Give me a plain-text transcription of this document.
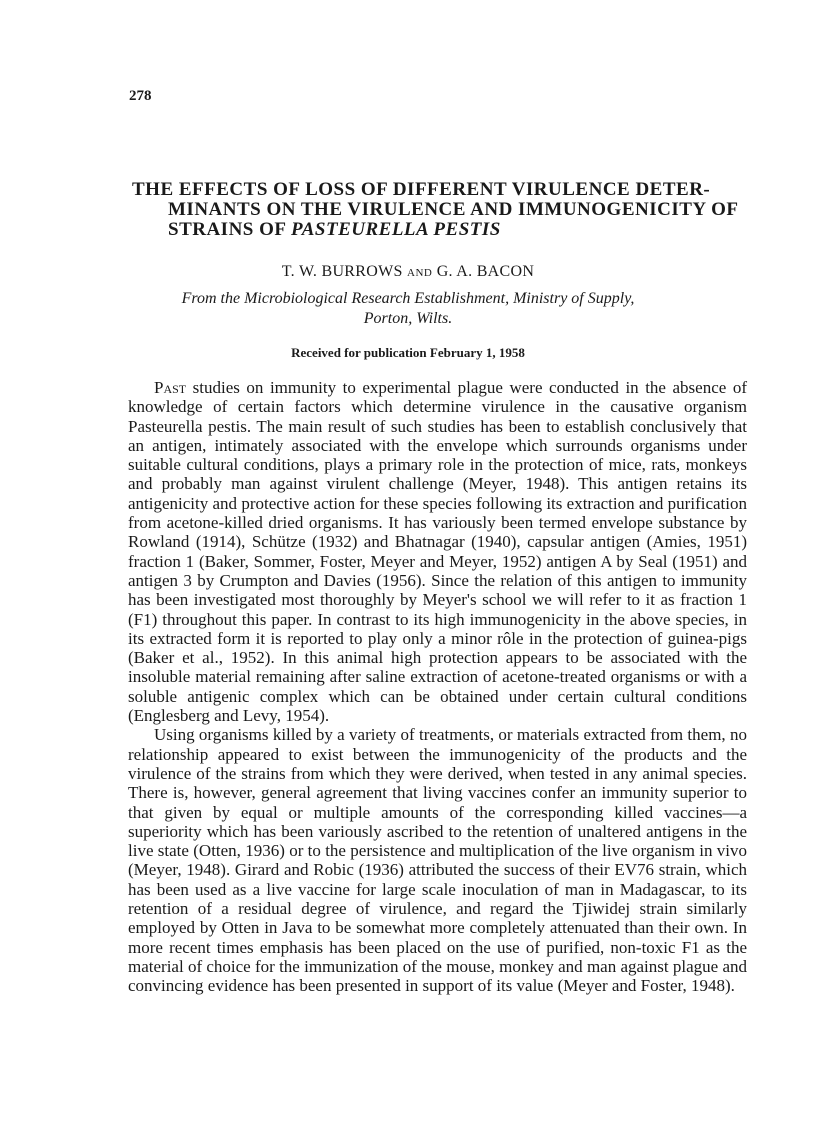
278
THE EFFECTS OF LOSS OF DIFFERENT VIRULENCE DETER-
MINANTS ON THE VIRULENCE AND IMMUNOGENICITY OF
STRAINS OF PASTEURELLA PESTIS
T. W. BURROWS AND G. A. BACON
From the Microbiological Research Establishment, Ministry of Supply,
Porton, Wilts.
Received for publication February 1, 1958

Past studies on immunity to experimental plague were conducted in the absence of knowledge of certain factors which determine virulence in the causative organism Pasteurella pestis. The main result of such studies has been to establish conclusively that an antigen, intimately associated with the envelope which surrounds organisms under suitable cultural conditions, plays a primary role in the protection of mice, rats, monkeys and probably man against virulent challenge (Meyer, 1948). This antigen retains its antigenicity and protective action for these species following its extraction and purification from acetone-killed dried organisms. It has variously been termed envelope substance by Rowland (1914), Schütze (1932) and Bhatnagar (1940), capsular antigen (Amies, 1951) fraction 1 (Baker, Sommer, Foster, Meyer and Meyer, 1952) antigen A by Seal (1951) and antigen 3 by Crumpton and Davies (1956). Since the relation of this antigen to immunity has been investigated most thoroughly by Meyer's school we will refer to it as fraction 1 (F1) throughout this paper. In contrast to its high immunogenicity in the above species, in its extracted form it is reported to play only a minor rôle in the protection of guinea-pigs (Baker et al., 1952). In this animal high protection appears to be associated with the insoluble material remaining after saline extraction of acetone-treated organisms or with a soluble antigenic complex which can be obtained under certain cultural conditions (Englesberg and Levy, 1954).

Using organisms killed by a variety of treatments, or materials extracted from them, no relationship appeared to exist between the immunogenicity of the products and the virulence of the strains from which they were derived, when tested in any animal species. There is, however, general agreement that living vaccines confer an immunity superior to that given by equal or multiple amounts of the corresponding killed vaccines—a superiority which has been variously ascribed to the retention of unaltered antigens in the live state (Otten, 1936) or to the persistence and multiplication of the live organism in vivo (Meyer, 1948). Girard and Robic (1936) attributed the success of their EV76 strain, which has been used as a live vaccine for large scale inoculation of man in Madagascar, to its retention of a residual degree of virulence, and regard the Tjiwidej strain similarly employed by Otten in Java to be somewhat more completely attenuated than their own. In more recent times emphasis has been placed on the use of purified, non-toxic F1 as the material of choice for the immunization of the mouse, monkey and man against plague and convincing evidence has been presented in support of its value (Meyer and Foster, 1948).
